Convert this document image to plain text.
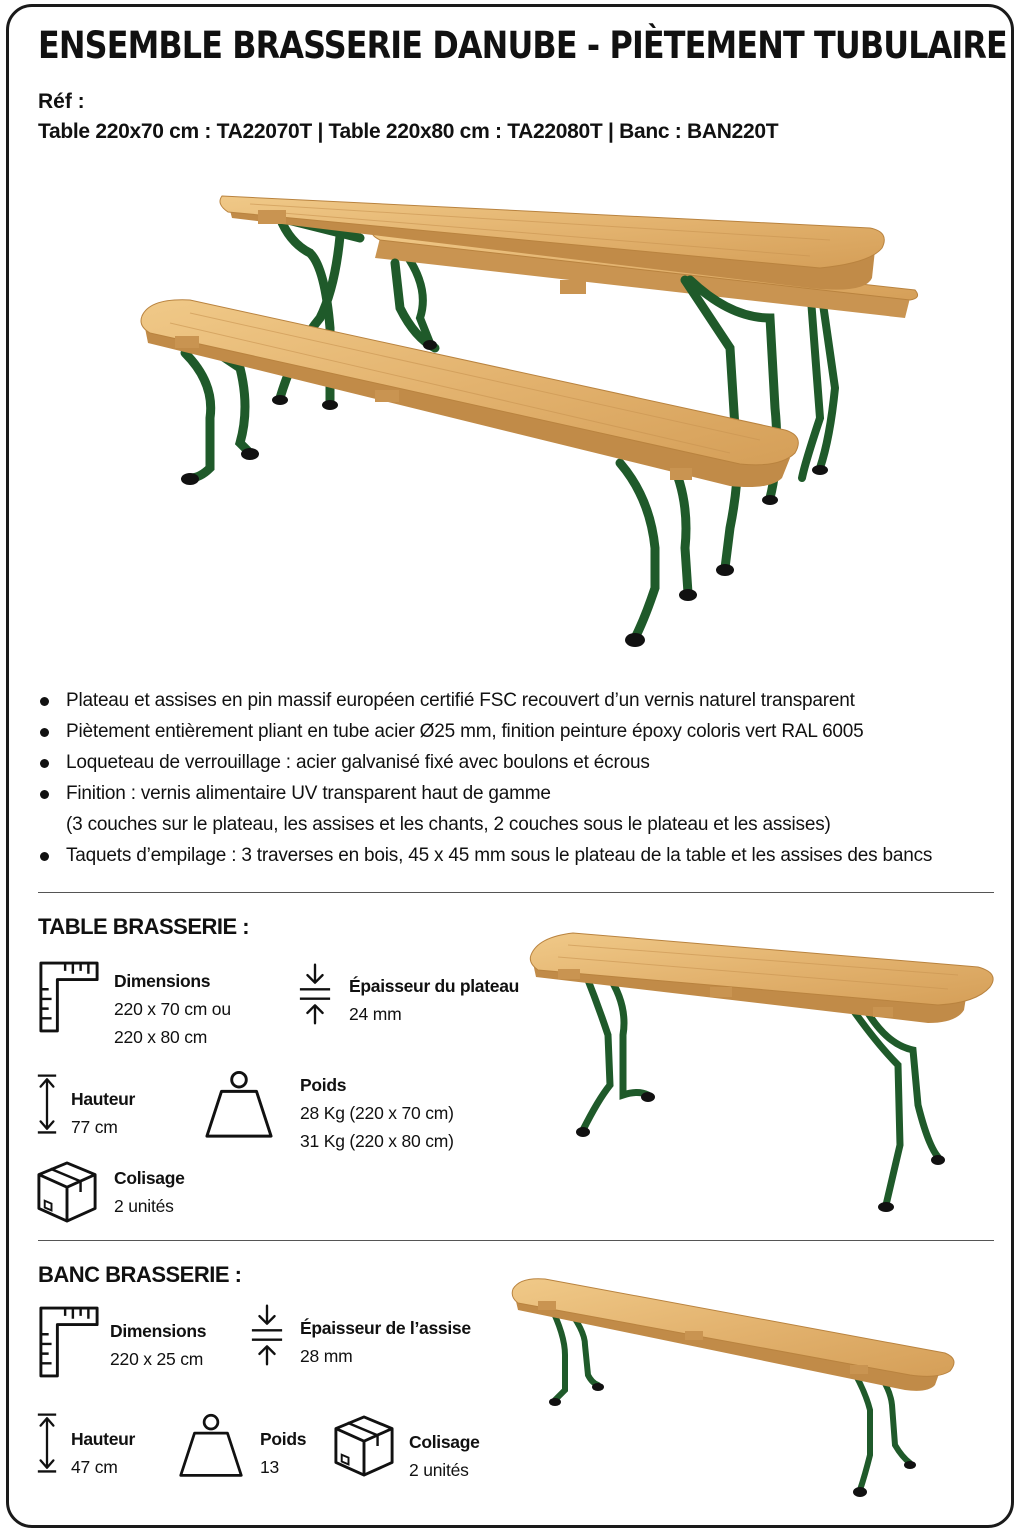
ENSEMBLE BRASSERIE DANUBE - PIÈTEMENT TUBULAIRE
Réf :
Table 220x70 cm : TA22070T | Table 220x80 cm : TA22080T | Banc : BAN220T
Plateau et assises en pin massif européen certifié FSC recouvert d’un vernis naturel transparent
Piètement entièrement pliant en tube acier Ø25 mm, finition peinture époxy coloris vert RAL 6005
Loqueteau de verrouillage : acier galvanisé fixé avec boulons et écrous
Finition : vernis alimentaire UV transparent haut de gamme
(3 couches sur le plateau, les assises et les chants, 2 couches sous le plateau et les assises)
Taquets d’empilage : 3 traverses en bois, 45 x 45 mm sous le plateau de la table et les assises des bancs
TABLE BRASSERIE :
Dimensions
220 x 70 cm ou
220 x 80 cm
Épaisseur du plateau
24 mm
Hauteur
77 cm
Poids
28 Kg (220 x 70 cm)
31 Kg (220 x 80 cm)
Colisage
2 unités
BANC BRASSERIE :
Dimensions
220 x 25 cm
Épaisseur de l’assise
28 mm
Hauteur
47 cm
Poids
13
Colisage
2 unités
